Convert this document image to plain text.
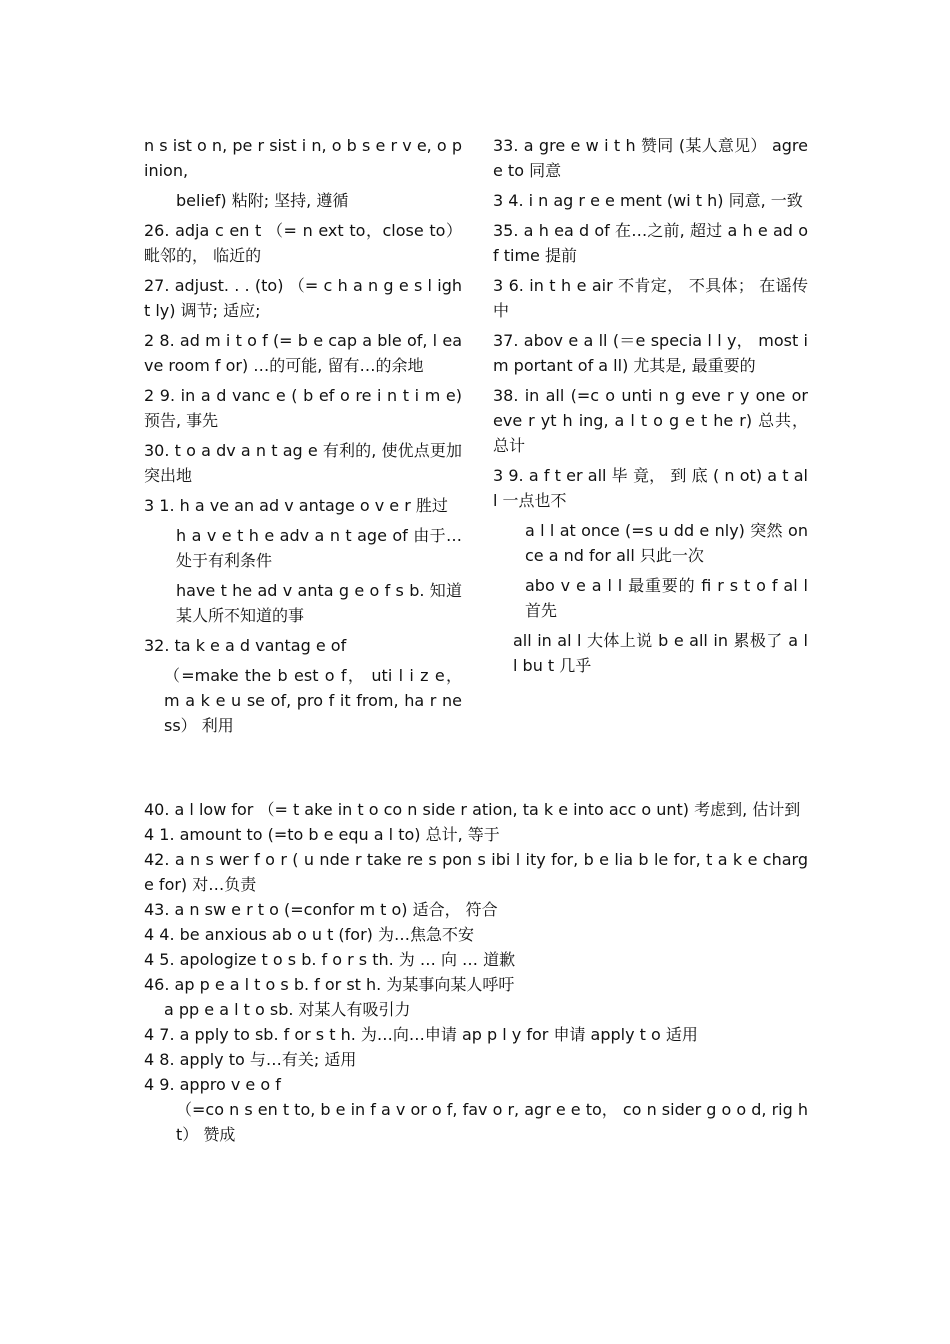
n s ist o n, pe r sist i n, o b s e r v e, o p inion,
belief) 粘附; 坚持, 遵循
26. adja c en t （= n ext to，close to） 毗邻的， 临近的
27. adjust. . . (to) （= c h a n g e s l igh t ly) 调节; 适应;
2 8. ad m i t o f (= b e cap a ble of, l eave room f or) …的可能, 留有…的余地
2 9. in a d vanc e ( b ef o re i n t i m e) 预告, 事先
30. t o a dv a n t ag e 有利的, 使优点更加突出地
3 1. h a ve an ad v antage o v e r 胜过
h a v e t h e adv a n t age of 由于…处于有利条件
have t he ad v anta g e o f s b. 知道某人所不知道的事
32. ta k e a d vantag e of
（=make the b est o f， uti l i z e， m a k e u se of, pro f it from, ha r ness） 利用
33. a gre e w i t h 赞同 (某人意见） agre e to 同意
3 4. i n ag r e e ment (wi t h) 同意, 一致
35. a h ea d of 在…之前, 超过 a h e ad of time 提前
3 6. in t h e air 不肯定， 不具体； 在谣传中
37. abov e a ll (＝e specia l l y， most i m portant of a ll) 尤其是, 最重要的
38. in all (=c o unti n g eve r y one or eve r yt h ing, a l t o g e t he r) 总共， 总计
3 9. a f t er all 毕 竟， 到 底 ( n ot) a t al l 一点也不
a l l at once (=s u dd e nly) 突然 once a nd for all 只此一次
abo v e a l l 最重要的 fi r s t o f al l 首先
all in al l 大体上说 b e all in 累极了 a l l bu t 几乎
40. a l low for （= t ake in t o co n side r ation, ta k e into acc o unt) 考虑到, 估计到
4 1. amount to (=to b e equ a l to) 总计, 等于
42. a n s wer f o r ( u nde r take re s pon s ibi l ity for, b e lia b le for, t a k e charge for) 对…负责
43. a n sw e r t o (=confor m t o) 适合， 符合
4 4. be anxious ab o u t (for) 为…焦急不安
4 5. apologize t o s b. f o r s th. 为 … 向 … 道歉
46. ap p e a l t o s b. f or st h. 为某事向某人呼吁
a pp e a l t o sb. 对某人有吸引力
4 7. a pply to sb. f or s t h. 为…向…申请 ap p l y for 申请 apply t o 适用
4 8. apply to 与…有关; 适用
4 9. appro v e o f
（=co n s en t to, b e in f a v or o f, fav o r, agr e e to， co n sider g o o d, rig h t） 赞成
